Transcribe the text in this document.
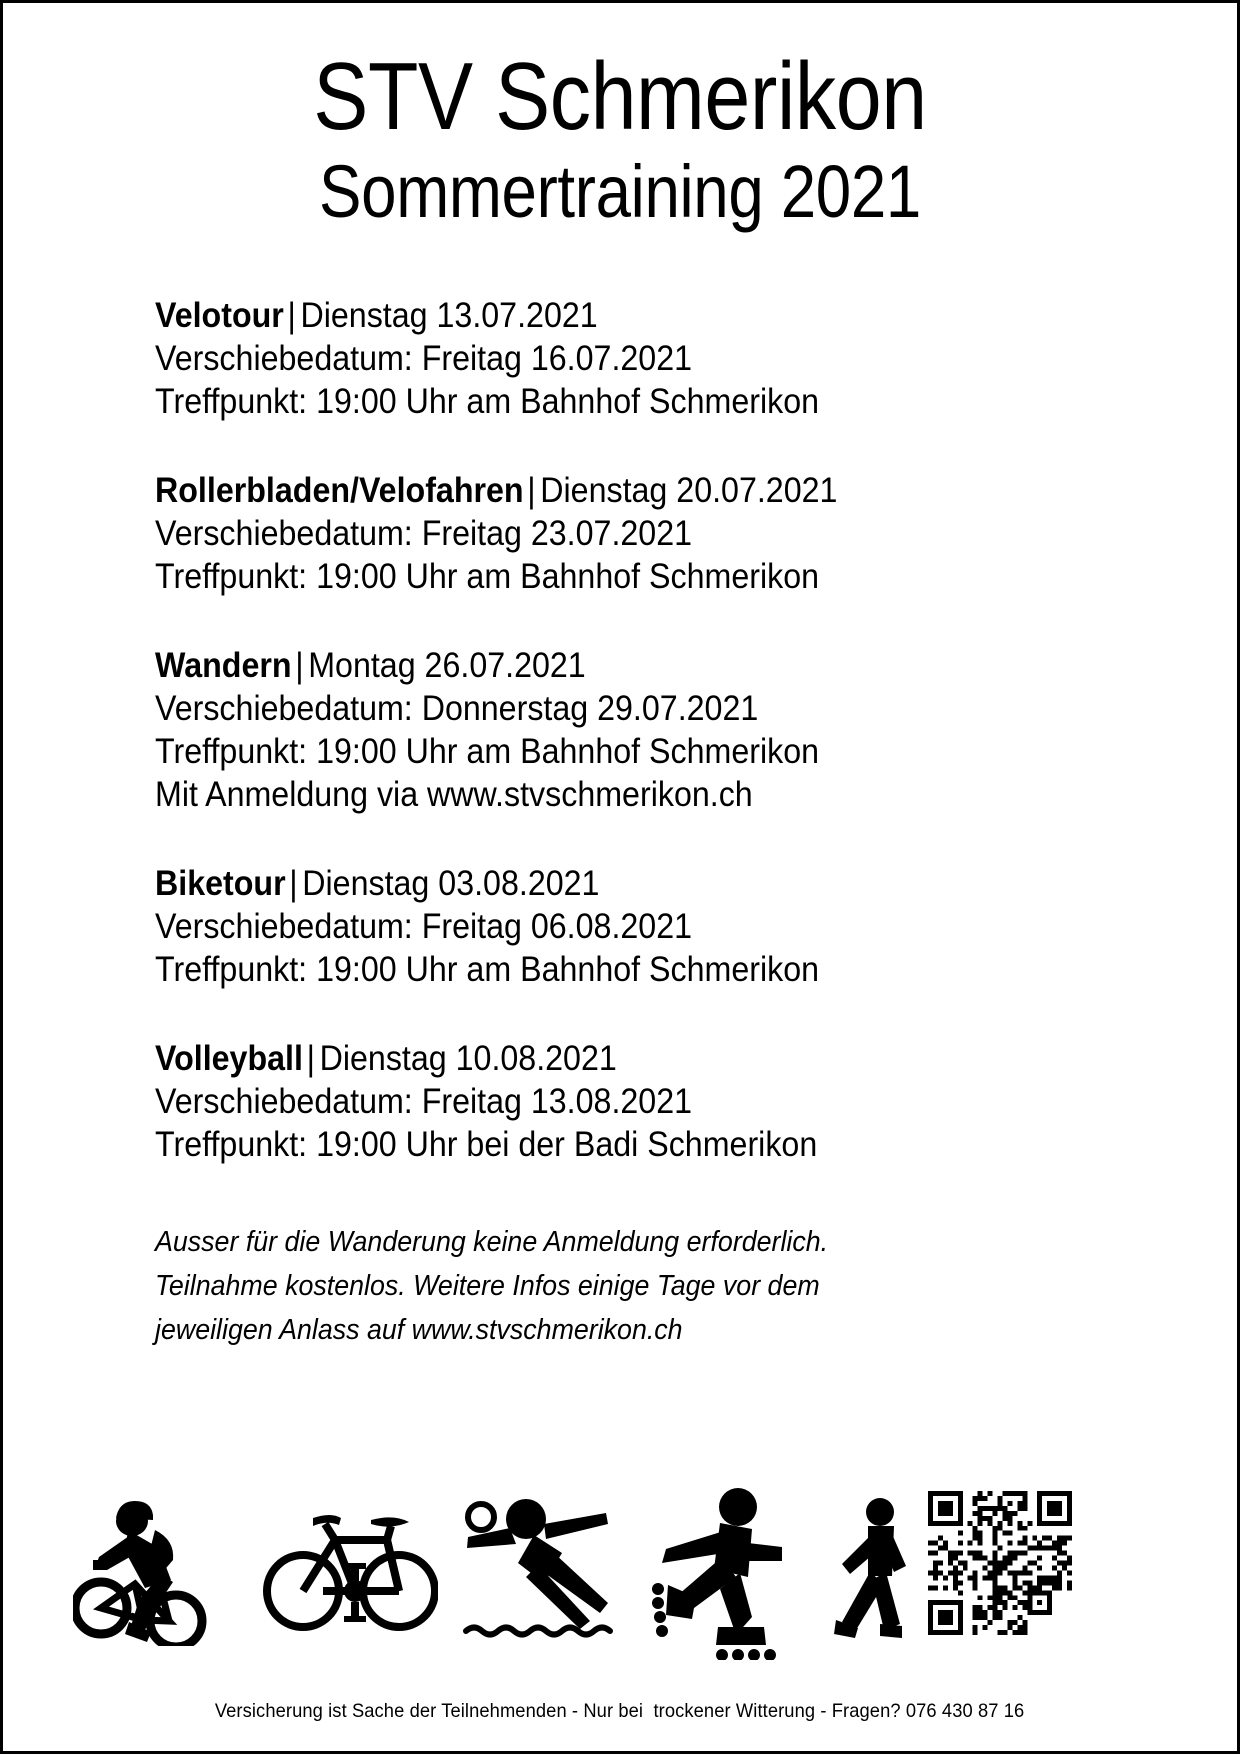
STV Schmerikon
Sommertraining 2021
Velotour | Dienstag 13.07.2021
Verschiebedatum: Freitag 16.07.2021
Treffpunkt: 19:00 Uhr am Bahnhof Schmerikon
Rollerbladen/Velofahren | Dienstag 20.07.2021
Verschiebedatum: Freitag 23.07.2021
Treffpunkt: 19:00 Uhr am Bahnhof Schmerikon
Wandern | Montag 26.07.2021
Verschiebedatum: Donnerstag 29.07.2021
Treffpunkt: 19:00 Uhr am Bahnhof Schmerikon
Mit Anmeldung via www.stvschmerikon.ch
Biketour | Dienstag 03.08.2021
Verschiebedatum: Freitag 06.08.2021
Treffpunkt: 19:00 Uhr am Bahnhof Schmerikon
Volleyball | Dienstag 10.08.2021
Verschiebedatum: Freitag 13.08.2021
Treffpunkt: 19:00 Uhr bei der Badi Schmerikon
Ausser für die Wanderung keine Anmeldung erforderlich.
Teilnahme kostenlos. Weitere Infos einige Tage vor dem
jeweiligen Anlass auf www.stvschmerikon.ch
Versicherung ist Sache der Teilnehmenden - Nur bei  trockener Witterung - Fragen? 076 430 87 16
